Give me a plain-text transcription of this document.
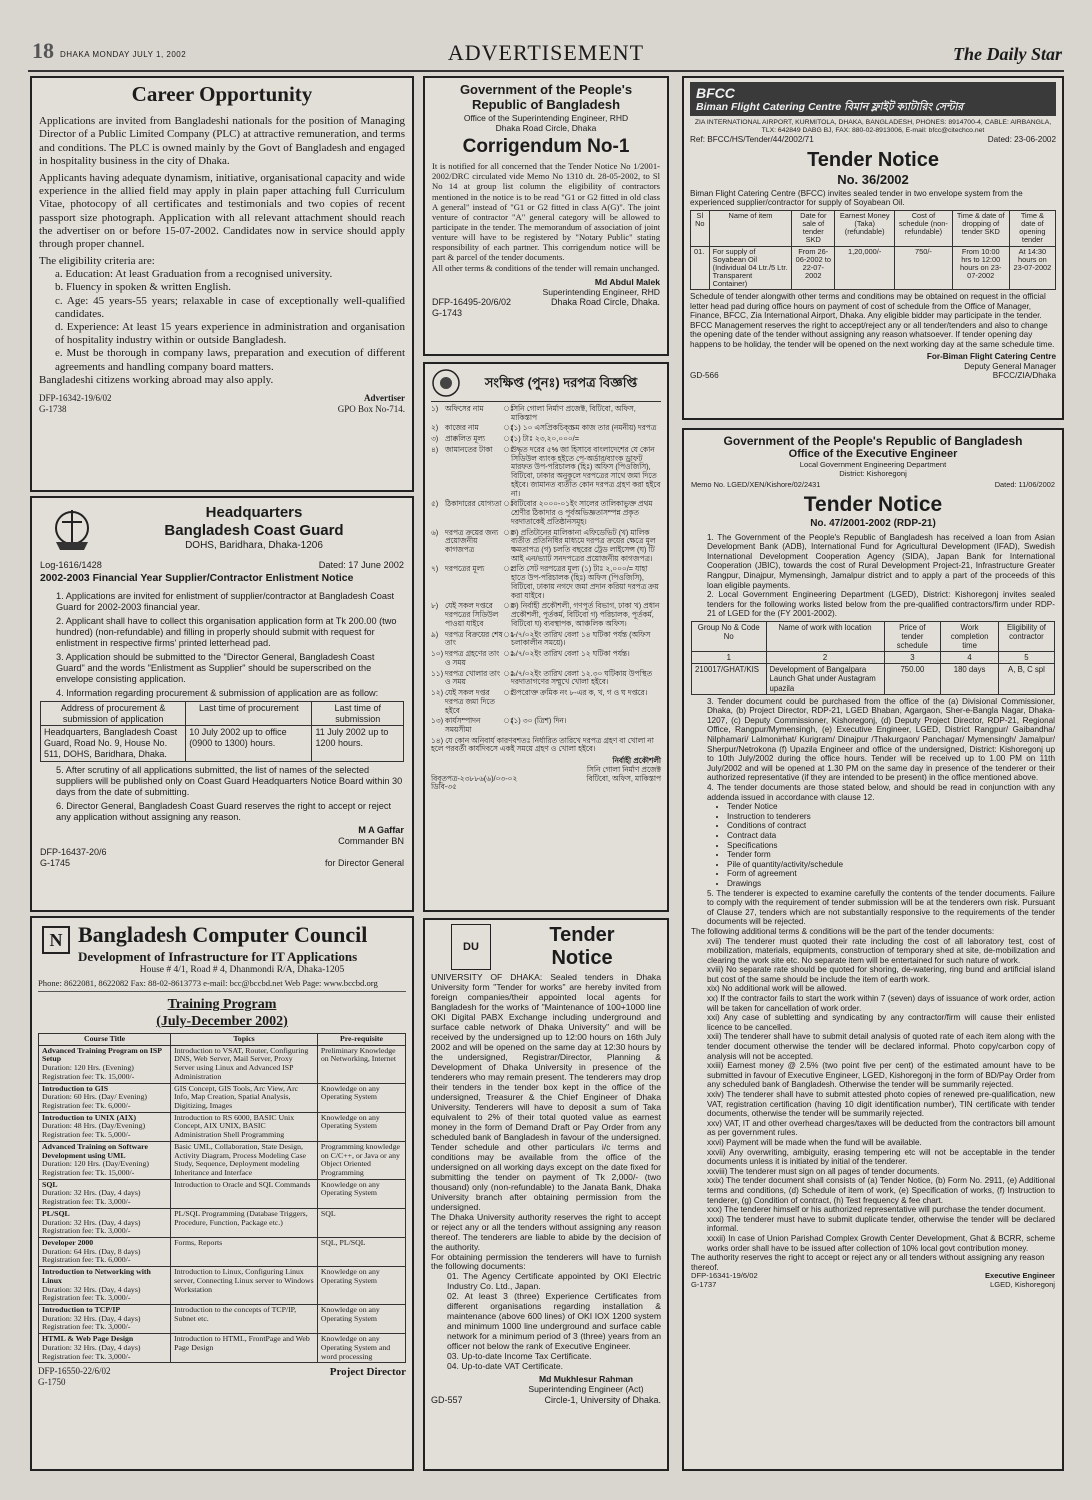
18 DHAKA MONDAY JULY 1, 2002	ADVERTISEMENT	The Daily Star
Career Opportunity

Applications are invited from Bangladeshi nationals for the position of Managing Director of a Public Limited Company (PLC) at attractive remuneration, and terms and conditions. The PLC is owned mainly by the Govt of Bangladesh and engaged in hospitality business in the city of Dhaka.

Applicants having adequate dynamism, initiative, organisational capacity and wide experience in the allied field may apply in plain paper attaching full Curriculum Vitae, photocopy of all certificates and testimonials and two copies of recent passport size photograph. Application with all relevant attachment should reach the advertiser on or before 15-07-2002. Candidates now in service should apply through proper channel.

The eligibility criteria are:

a. Education: At least Graduation from a recognised university.

b. Fluency in spoken & written English.

c. Age: 45 years-55 years; relaxable in case of exceptionally well-qualified candidates.

d. Experience: At least 15 years experience in administration and organisation of hospitality industry within or outside Bangladesh.

e. Must be thorough in company laws, preparation and execution of different agreements and handling company board matters.

Bangladeshi citizens working abroad may also apply.

DFP-16342-19/6/02
G-1738
Advertiser
GPO Box No-714.
Headquarters
Bangladesh Coast Guard
DOHS, Baridhara, Dhaka-1206
Log-1616/1428	Dated: 17 June 2002
2002-2003 Financial Year Supplier/Contractor Enlistment Notice

1. Applications are invited for enlistment of supplier/contractor at Bangladesh Coast Guard for 2002-2003 financial year.

2. Applicant shall have to collect this organisation application form at Tk 200.00 (two hundred) (non-refundable) and filling in properly should submit with request for enlistment in respective firms' printed letterhead pad.

3. Application should be submitted to the "Director General, Bangladesh Coast Guard" and the words "Enlistment as Supplier" should be superscribed on the envelope consisting application.

4. Information regarding procurement & submission of application are as follow:

Address of procurement & submission of application	Last time of procurement	Last time of submission
Headquarters, Bangladesh Coast Guard, Road No. 9, House No. 511, DOHS, Baridhara, Dhaka.	10 July 2002 up to office (0900 to 1300) hours.	11 July 2002 up to 1200 hours.

5. After scrutiny of all applications submitted, the list of names of the selected suppliers will be published only on Coast Guard Headquarters Notice Board within 30 days from the date of submitting.

6. Director General, Bangladesh Coast Guard reserves the right to accept or reject any application without assigning any reason.

M A Gaffar
Commander BN
DFP-16437-20/6
G-1745	for Director General
N Bangladesh Computer Council
Development of Infrastructure for IT Applications
House # 4/1, Road # 4, Dhanmondi R/A, Dhaka-1205
Phone: 8622081, 8622082 Fax: 88-02-8613773 e-mail: bcc@bccbd.net Web Page: www.bccbd.org
Training Program
(July-December 2002)
Course Title	Topics	Pre-requisite

Advanced Training Program on ISP Setup
Duration: 120 Hrs. (Evening) Registration fee: Tk. 15,000/-	Introduction to VSAT, Router, Configuring DNS, Web Server, Mail Server, Proxy Server using Linux and Advanced ISP Administration	Preliminary Knowledge on Networking, Internet

Introduction to GIS
Duration: 60 Hrs. (Day/ Evening) Registration fee: Tk. 6,000/-	GIS Concept, GIS Tools, Arc View, Arc Info, Map Creation, Spatial Analysis, Digitizing, Images	Knowledge on any Operating System

Introduction to UNIX (AIX)
Duration: 48 Hrs. (Day/Evening) Registration fee: Tk. 5,000/-	Introduction to RS 6000, BASIC Unix Concept, AIX UNIX, BASIC Administration Shell Programming	Knowledge on any Operating System

Advanced Training on Software Development using UML
Duration: 120 Hrs. (Day/Evening) Registration fee: Tk. 15,000/-	Basic UML, Collaboration, State Design, Activity Diagram, Process Modeling Case Study, Sequence, Deployment modeling Inheritance and Interface	Programming knowledge on C/C++, or Java or any Object Oriented Programming

SQL
Duration: 32 Hrs. (Day, 4 days) Registration fee: Tk. 3,000/-	Introduction to Oracle and SQL Commands	Knowledge on any Operating System

PL/SQL
Duration: 32 Hrs. (Day, 4 days) Registration fee: Tk. 3,000/-	PL/SQL Programming (Database Triggers, Procedure, Function, Package etc.)	SQL

Developer 2000
Duration: 64 Hrs. (Day, 8 days) Registration fee: Tk. 6,000/-	Forms, Reports	SQL, PL/SQL

Introduction to Networking with Linux
Duration: 32 Hrs. (Day, 4 days) Registration fee: Tk. 3,000/-	Introduction to Linux, Configuring Linux server, Connecting Linux server to Windows Workstation	Knowledge on any Operating System

Introduction to TCP/IP
Duration: 32 Hrs. (Day, 4 days) Registration fee: Tk. 3,000/-	Introduction to the concepts of TCP/IP, Subnet etc.	Knowledge on any Operating System

HTML & Web Page Design
Duration: 32 Hrs. (Day, 4 days) Registration fee: Tk. 3,000/-	Introduction to HTML, FrontPage and Web Page Design	Knowledge on any Operating System and word processing
DFP-16550-22/6/02
G-1750
Project Director
Government of the People's Republic of Bangladesh
Office of the Superintending Engineer, RHD
Dhaka Road Circle, Dhaka
Corrigendum No-1

It is notified for all concerned that the Tender Notice No 1/2001-2002/DRC circulated vide Memo No 1310 dt. 28-05-2002, to Sl No 14 at group list column the eligibility of contractors mentioned in the notice is to be read "G1 or G2 fitted in old class A general" instead of "G1 or G2 fitted in class A(G)". The joint venture of contractor "A" general category will be allowed to participate in the tender. The memorandum of association of joint venture will have to be registered by "Notary Public" stating responsibility of each partner. This corrigendum notice will be part & parcel of the tender documents.

All other terms & conditions of the tender will remain unchanged.

Md Abdul Malek
Superintending Engineer, RHD
DFP-16495-20/6/02
G-1743
Dhaka Road Circle, Dhaka.
সংক্ষিপ্ত (পুনঃ) দরপত্র বিজ্ঞপ্তি
১) অফিসের নাম	ঃ
সিনি গোলা নির্মাণ প্রজেক্ট, বিটিবো, অফিস, মাকিস্তাপ
২) কাজের নাম	ঃ
(১) ১০ এসপ্রিকচিক্স্ক্রম কাজ তার (নমনীয়) দরপত্র
৩) প্রাক্কলিত মূল্য	ঃ
(১) টাঃ ২৩,২০,০০০/=
৪) জামানতের টাকা	ঃ
উদ্ধৃত দরের ৫% জা হিসাবে বাংলাদেশের যে কোন সিডিউল ব্যাংক হইতে পে-অর্ডার/ব্যাংক ড্রাফট মারফত উপ-পরিচালক (হিঃ) অফিস (পিওজিসি), বিটিবো, ঢাকার অনুকূলে দরপত্রের সাথে জমা দিতে হইবে। জামানত ব্যতীত কোন দরপত্র গ্রহণ করা হইবে না।
৫) ঠিকাদারের যোগ্যতা ঃ
বিটিবোর ২০০০-০১ইং সালের তালিকাভুক্ত প্রথম শ্রেণীর ঠিকাদার ও পূর্বঅভিজ্ঞতাসম্পন্ন প্রকৃত দরদাতাকেই প্রতিষ্ঠানসমূহ।
৬) দরপত্র ক্রয়ের জন্য প্রয়োজনীয় কাগজপত্র
ঃ
ক) প্রতিটানের মালিকানা এফিডেভিট (খ) মালিক ব্যতীত প্রতিনিধির মাধ্যমে দরপত্র ক্রয়ের ক্ষেত্রে মূল ক্ষমতাপত্র (গ) চলতি বছরের ট্রেড লাইসেন্স (ঘ) টি আই এন/ভ্যাট সনদপত্রের প্রয়োজনীয় কাগজপত্র।
৭) দরপত্রের মূল্য	ঃ
প্রতি সেট দরপত্রের মূল্য (১) টাঃ ২,০০০/= যাহা হাতে উপ-পরিচালক (হিঃ) অফিস (পিওজিসি), বিটিবো, ঢাকায় নগদে জমা প্রদান করিয়া দরপত্র ক্রয় করা যাইবে।
৮) যেই সকল দপ্তরে দরপত্রের সিডিউল পাওয়া যাইবে
ঃ
ক) নির্বাহী প্রকৌশলী, গণপূর্ত বিভাগ, ঢাকা খ) প্রধান প্রকৌশলী, পূর্তকর্ম, বিটিবো গ) পরিচালক, পূর্তকর্ম, বিটিবো ঘ) ব্যবস্থাপক, আঞ্চলিক অফিস।
৯) দরপত্র বিক্রয়ের শেষ তাং
ঃ
৮/৭/০২ইং তারিখ বেলা ১৪ ঘটিকা পর্যন্ত (অফিস চলাকালীন সময়ে)।
১০) দরপত্র গ্রহণের তাং ও সময়
ঃ
৯/৭/০২ইং তারিখ বেলা ১২ ঘটিকা পর্যন্ত।
১১) দরপত্র খোলার তাং ও সময়
ঃ
৯/৭/০২ইং তারিখ বেলা ১২.৩০ ঘটিকায় উপস্থিত দরদাতাগণের সম্মুখে খোলা হইবে।
১২) যেই সকল দপ্তর দরপত্র জমা দিতে হইবে
ঃ
উপরোক্ত ক্রমিক নং ৮-এর ক, খ, গ ও ঘ দপ্তরে।
১৩) কার্যসম্পাদন সময়সীমা
ঃ
(১) ৩০ (ত্রিশ) দিন।

১৪) যে কোন অনিবার্য কারণবশতঃ নির্ধারিত তারিখে দরপত্র গ্রহণ বা খোলা না হলে পরবর্তী কার্যদিবসে একই সময়ে গ্রহণ ও খোলা হইবে।

নির্বাহী প্রকৌশলী
সিনি গোলা নির্মাণ প্রজেক্ট
বিবৃতপত্র-২৩৮৮৬(৬)/০৩-০২
ডিবি-৩৫
বিটিবো, অফিস, মাকিস্তাপ
DU
Tender
Notice

UNIVERSITY OF DHAKA: Sealed tenders in Dhaka University form "Tender for works" are hereby invited from foreign companies/their appointed local agents for Bangladesh for the works of "Maintenance of 100+1000 line OKI Digital PABX Exchange including underground and surface cable network of Dhaka University" and will be received by the undersigned up to 12:00 hours on 16th July 2002 and will be opened on the same day at 12:30 hours by the undersigned, Registrar/Director, Planning & Development of Dhaka University in presence of the tenderers who may remain present. The tenderers may drop their tenders in the tender box kept in the office of the undersigned, Treasurer & the Chief Engineer of Dhaka University. Tenderers will have to deposit a sum of Taka equivalent to 2% of their total quoted value as earnest money in the form of Demand Draft or Pay Order from any scheduled bank of Bangladesh in favour of the undersigned. Tender schedule and other particulars i/c terms and conditions may be available from the office of the undersigned on all working days except on the date fixed for submitting the tender on payment of Tk 2,000/- (two thousand) only (non-refundable) to the Janata Bank, Dhaka University branch after obtaining permission from the undersigned.

The Dhaka University authority reserves the right to accept or reject any or all the tenders without assigning any reason thereof. The tenderers are liable to abide by the decision of the authority.

For obtaining permission the tenderers will have to furnish the following documents:

01. The Agency Certificate appointed by OKI Electric Industry Co. Ltd., Japan.

02. At least 3 (three) Experience Certificates from different organisations regarding installation & maintenance (above 600 lines) of OKI IOX 1200 system and minimum 1000 line underground and surface cable network for a minimum period of 3 (three) years from an officer not below the rank of Executive Engineer.

03. Up-to-date Income Tax Certificate.

04. Up-to-date VAT Certificate.

Md Mukhlesur Rahman
Superintending Engineer (Act)
GD-557	Circle-1, University of Dhaka.
BFCC
Biman Flight Catering Centre বিমান ফ্লাইট ক্যাটারিং সেন্টার
ZIA INTERNATIONAL AIRPORT, KURMITOLA, DHAKA, BANGLADESH, PHONES: 8914700-4, CABLE: AIRBANGLA, TLX: 642849 DABG BJ, FAX: 880-02-8913006, E-mail: bfcc@citechco.net
Ref: BFCC/HS/Tender/44/2002/71	Dated: 23-06-2002
Tender Notice
No. 36/2002

Biman Flight Catering Centre (BFCC) invites sealed tender in two envelope system from the experienced supplier/contractor for supply of Soyabean Oil.

Sl No	Name of item	Date for sale of tender SKD	Earnest Money (Taka) (refundable)	Cost of schedule (non-refundable)	Time & date of dropping of tender SKD	Time & date of opening tender
01.	For supply of Soyabean Oil (Individual 04 Ltr./5 Ltr. Transparent Container)	From 26-06-2002 to 22-07-2002	1,20,000/-	750/-	From 10:00 hrs to 12:00 hours on 23-07-2002	At 14:30 hours on 23-07-2002

Schedule of tender alongwith other terms and conditions may be obtained on request in the official letter head pad during office hours on payment of cost of schedule from the Office of Manager, Finance, BFCC, Zia International Airport, Dhaka. Any eligible bidder may participate in the tender.

BFCC Management reserves the right to accept/reject any or all tender/tenders and also to change the opening date of the tender without assigning any reason whatsoever. If tender opening day happens to be holiday, the tender will be opened on the next working day at the same schedule time.

For-Biman Flight Catering Centre
Deputy General Manager
GD-566	BFCC/ZIA/Dhaka
Government of the People's Republic of Bangladesh
Office of the Executive Engineer
Local Government Engineering Department
District: Kishoregonj
Memo No. LGED/XEN/Kishore/02/2431	Dated: 11/06/2002
Tender Notice
No. 47/2001-2002 (RDP-21)

1. The Government of the People's Republic of Bangladesh has received a loan from Asian Development Bank (ADB), International Fund for Agricultural Development (IFAD), Swedish International Development Cooperation Agency (SIDA), Japan Bank for International Cooperation (JBIC), towards the cost of Rural Development Project-21, Infrastructure Greater Rangpur, Dinajpur, Mymensingh, Jamalpur district and to apply a part of the proceeds of this loan eligible payments.

2. Local Government Engineering Department (LGED), District: Kishoregonj invites sealed tenders for the following works listed below from the pre-qualified contractors/firm under RDP-21 of LGED for the (FY 2001-2002).

Group No & Code No	Name of work with location	Price of tender schedule	Work completion time	Eligibility of contractor
1	2	3	4	5
210017/GHAT/KIS	Development of Bangalpara Launch Ghat under Austagram upazila	750.00	180 days	A, B, C spl

3. Tender document could be purchased from the office of the (a) Divisional Commissioner, Dhaka, (b) Project Director, RDP-21, LGED Bhaban, Agargaon, Sher-e-Bangla Nagar, Dhaka-1207, (c) Deputy Commissioner, Kishoregonj, (d) Deputy Project Director, RDP-21, Regional Office, Rangpur/Mymensingh, (e) Executive Engineer, LGED, District Rangpur/ Gaibandha/ Nilphamari/ Lalmonirhat/ Kurigram/ Dinajpur /Thakurgaon/ Panchagar/ Mymensingh/ Jamalpur/ Sherpur/Netrokona (f) Upazila Engineer and office of the undersigned, District: Kishoregonj up to 10th July/2002 during the office hours. Tender will be received up to 1.00 PM on 11th July/2002 and will be opened at 1.30 PM on the same day in presence of the tenderer or their authorized representative (if they are intended to be present) in the office mentioned above.

4. The tender documents are those stated below, and should be read in conjunction with any addenda issued in accordance with clause 12.

• Tender Notice
• Instruction to tenderers
• Conditions of contract
• Contract data
• Specifications
• Tender form
• Pile of quantity/activity/schedule
• Form of agreement
• Drawings

5. The tenderer is expected to examine carefully the contents of the tender documents. Failure to comply with the requirement of tender submission will be at the tenderers own risk. Pursuant of Clause 27, tenders which are not substantially responsive to the requirements of the tender documents will be rejected.

The following additional terms & conditions will be the part of the tender documents:

xvii) The tenderer must quoted their rate including the cost of all laboratory test, cost of mobilization, materials, equipments, construction of temporary shed at site, de-mobilization and clearing the work site etc. No separate item will be entertained for such nature of work.

xviii) No separate rate should be quoted for shoring, de-watering, ring bund and artificial island but cost of the same should be include the item of earth work.

xix) No additional work will be allowed.

xx) If the contractor fails to start the work within 7 (seven) days of issuance of work order, action will be taken for cancellation of work order.

xxi) Any case of subletting and syndicating by any contractor/firm will cause their enlisted licence to be cancelled.

xxii) The tenderer shall have to submit detail analysis of quoted rate of each item along with the tender document otherwise the tender will be declared informal. Photo copy/carbon copy of analysis will not be accepted.

xxiii) Earnest money @ 2.5% (two point five per cent) of the estimated amount have to be submitted in favour of Executive Engineer, LGED, Kishoregonj in the form of BD/Pay Order from any scheduled bank of Bangladesh. Otherwise the tender will be summarily rejected.

xxiv) The tenderer shall have to submit attested photo copies of renewed pre-qualification, new VAT, registration certification (having 10 digit identification number), TIN certificate with tender documents, otherwise the tender will be summarily rejected.

xxv) VAT, IT and other overhead charges/taxes will be deducted from the contractors bill amount as per government rules.

xxvi) Payment will be made when the fund will be available.

xxvii) Any overwriting, ambiguity, erasing tempering etc will not be acceptable in the tender documents unless it is initiated by initial of the tenderer.

xxviii) The tenderer must sign on all pages of tender documents.

xxix) The tender document shall consists of (a) Tender Notice, (b) Form No. 2911, (e) Additional terms and conditions, (d) Schedule of item of work, (e) Specification of works, (f) Instruction to tenderer, (g) Condition of contract, (h) Test frequency & fee chart.

xxx) The tenderer himself or his authorized representative will purchase the tender document.

xxxi) The tenderer must have to submit duplicate tender, otherwise the tender will be declared informal.

xxxii) In case of Union Parishad Complex Growth Center Development, Ghat & BCRR, scheme works order shall have to be issued after collection of 10% local govt contribution money.

The authority reserves the right to accept or reject any or all tenders without assigning any reason thereof.

DFP-16341-19/6/02
G-1737
Executive Engineer
LGED, Kishoregonj
